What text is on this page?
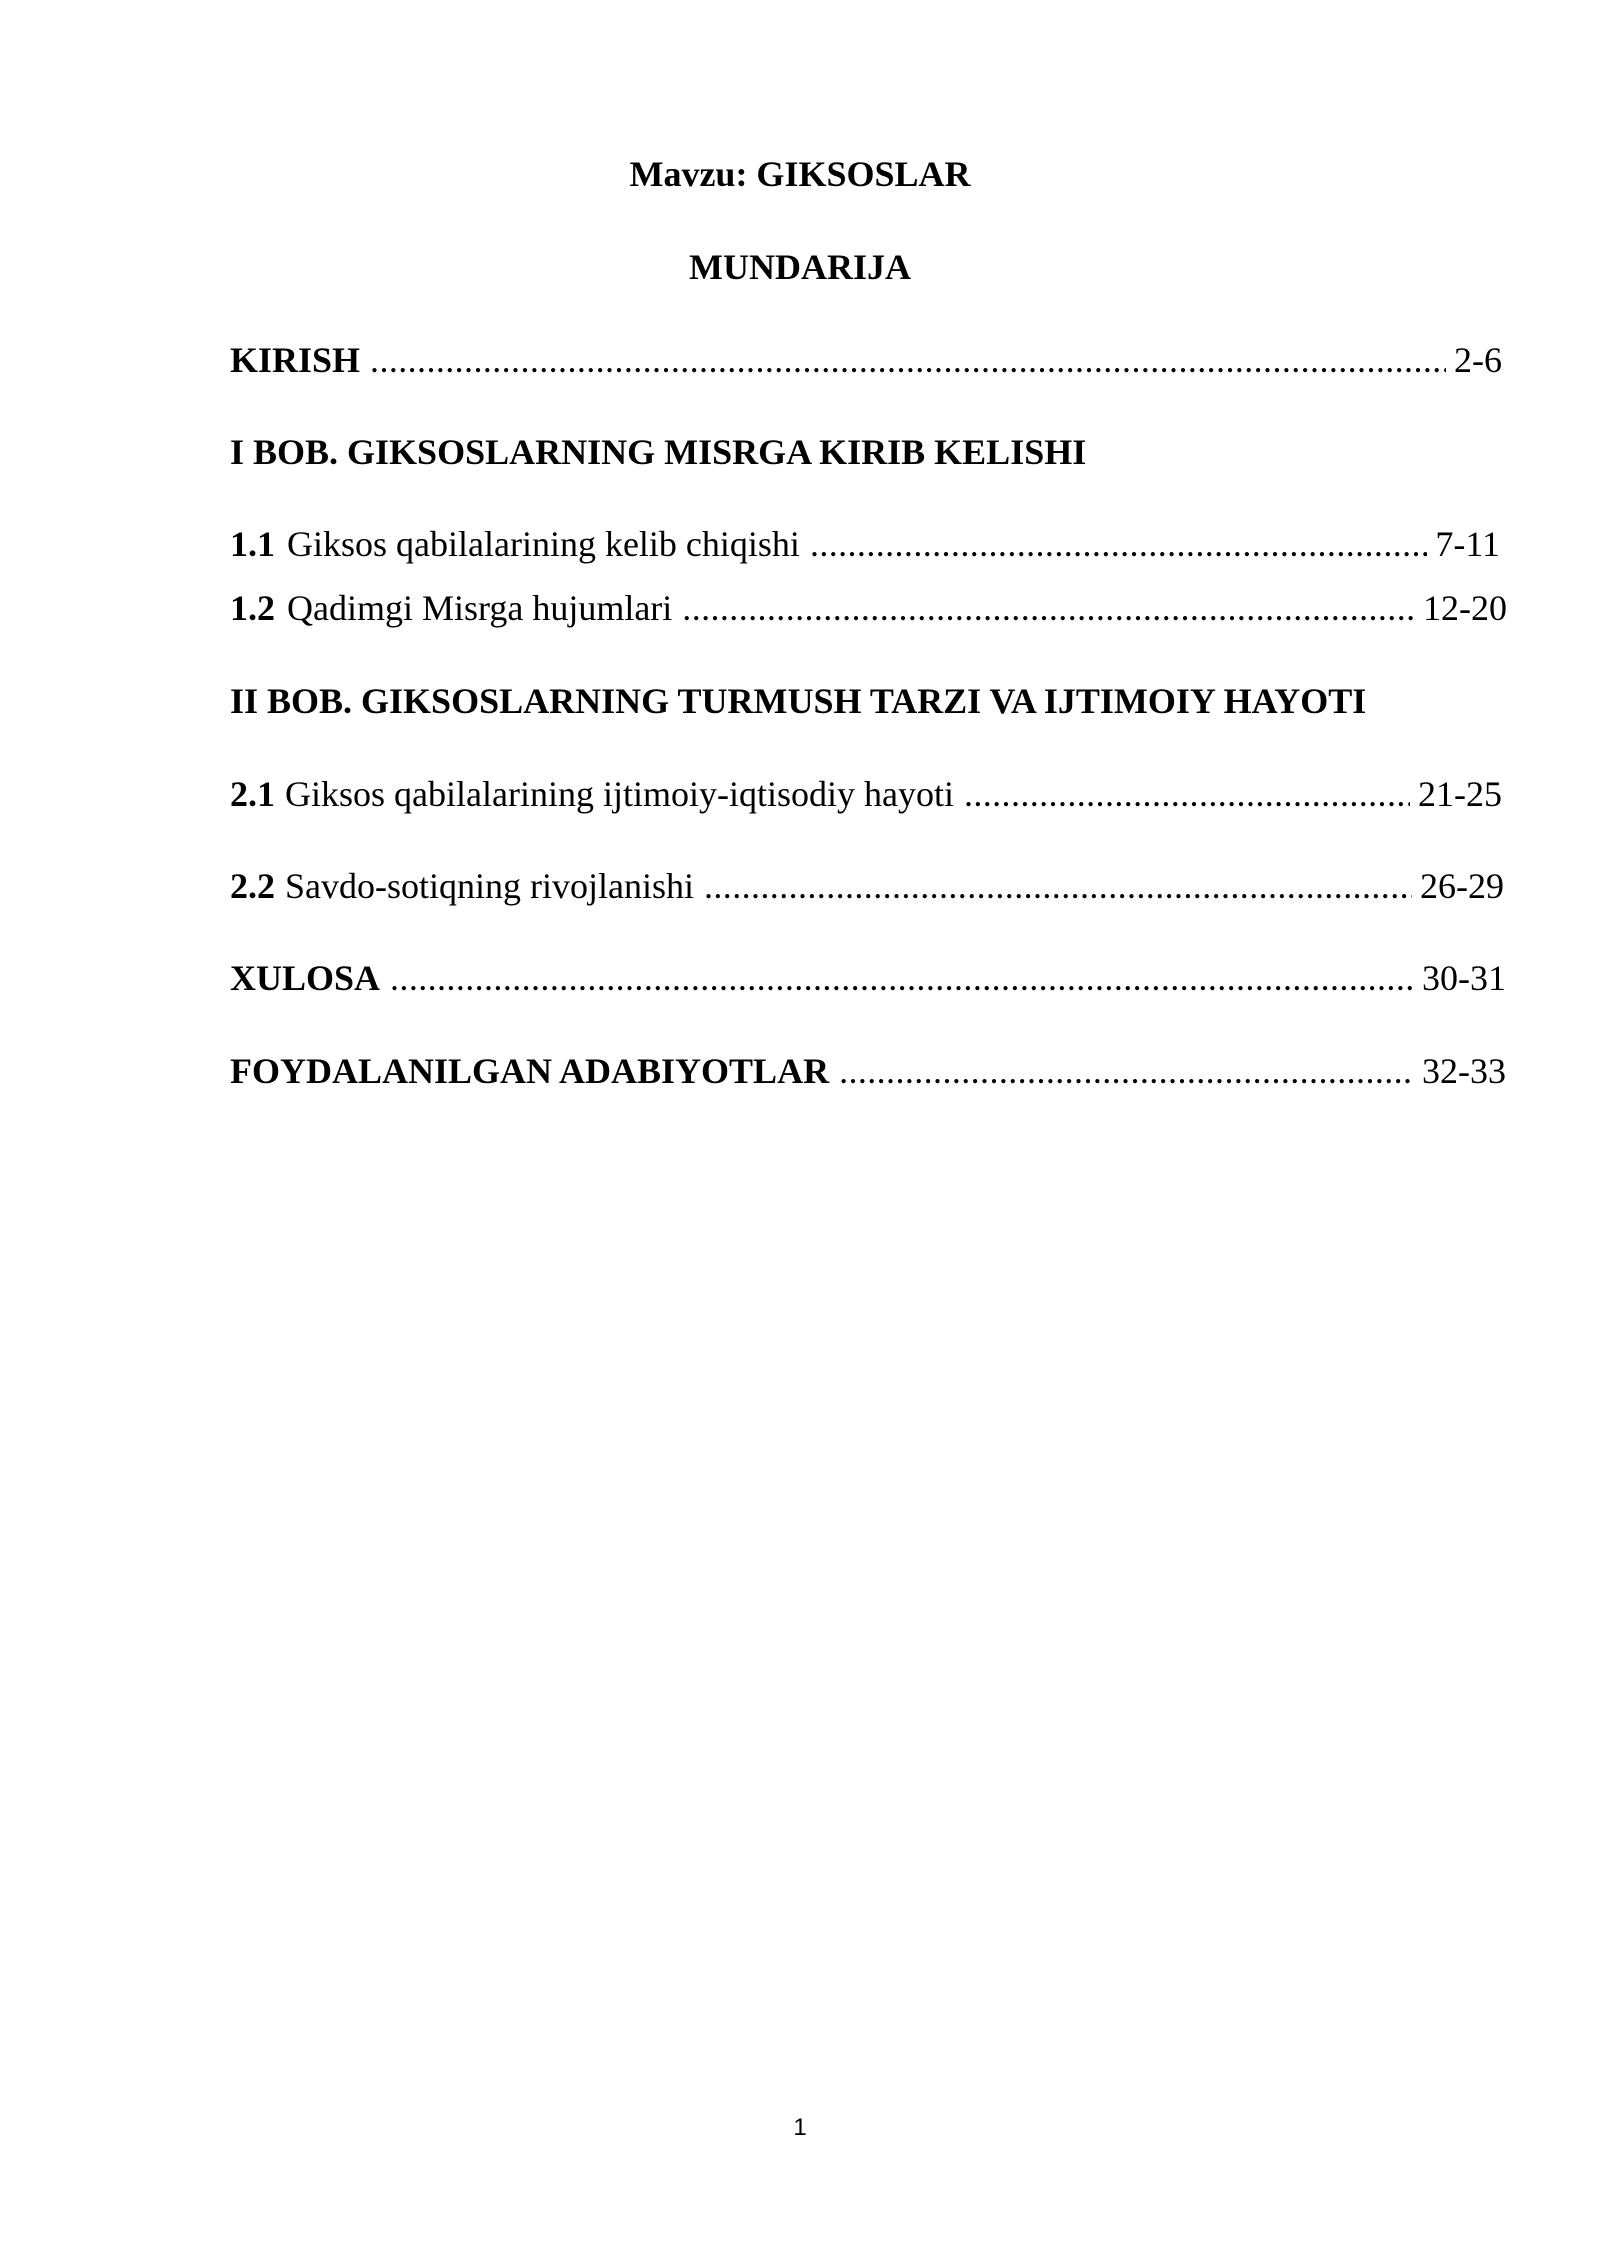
Mavzu: GIKSOSLAR
MUNDARIJA
KIRISH .....	2-6
I BOB. GIKSOSLARNING MISRGA KIRIB KELISHI
1.1 Giksos qabilalarining kelib chiqishi .....	7-11
1.2 Qadimgi Misrga hujumlari .....	12-20
II BOB. GIKSOSLARNING TURMUSH TARZI VA IJTIMOIY HAYOTI
2.1 Giksos qabilalarining ijtimoiy-iqtisodiy hayoti .....	21-25
2.2 Savdo-sotiqning rivojlanishi .....	26-29
XULOSA .....	30-31
FOYDALANILGAN ADABIYOTLAR .....	32-33
1
